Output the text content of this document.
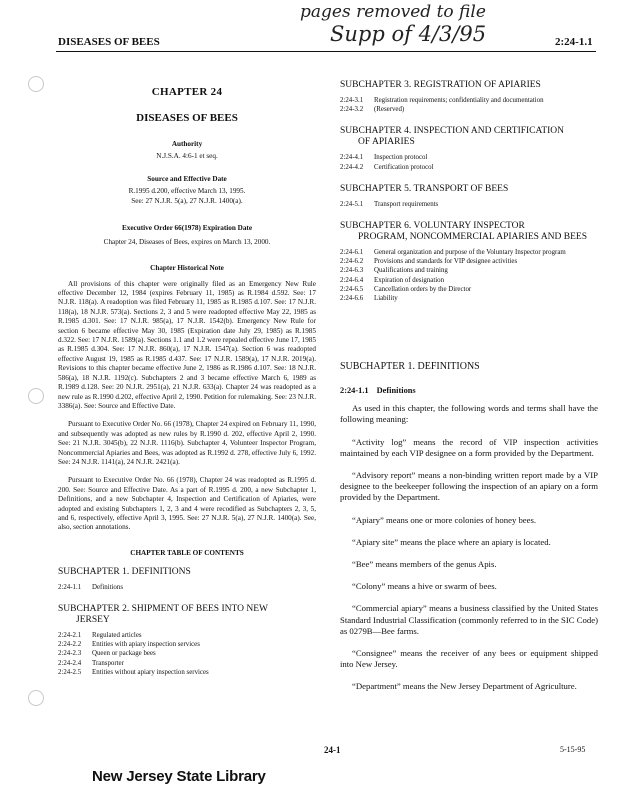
pages removed to file
Supp of 4/3/95
DISEASES OF BEES	2:24-1.1
CHAPTER 24
DISEASES OF BEES
Authority
N.J.S.A. 4:6-1 et seq.
Source and Effective Date
R.1995 d.200, effective March 13, 1995.
See: 27 N.J.R. 5(a), 27 N.J.R. 1400(a).
Executive Order 66(1978) Expiration Date
Chapter 24, Diseases of Bees, expires on March 13, 2000.
Chapter Historical Note

All provisions of this chapter were originally filed as an Emergency New Rule effective December 12, 1984 (expires February 11, 1985) as R.1984 d.592. See: 17 N.J.R. 118(a). A readoption was filed February 11, 1985 as R.1985 d.107. See: 17 N.J.R. 118(a), 18 N.J.R. 573(a). Sections 2, 3 and 5 were readopted effective May 22, 1985 as R.1985 d.301. See: 17 N.J.R. 985(a), 17 N.J.R. 1542(b). Emergency New Rule for section 6 became effective May 30, 1985 (Expiration date July 29, 1985) as R.1985 d.322. See: 17 N.J.R. 1589(a). Sections 1.1 and 1.2 were repealed effective June 17, 1985 as R.1985 d.304. See: 17 N.J.R. 860(a), 17 N.J.R. 1547(a). Section 6 was readopted effective August 19, 1985 as R.1985 d.437. See: 17 N.J.R. 1589(a), 17 N.J.R. 2019(a). Revisions to this chapter became effective June 2, 1986 as R.1986 d.107. See: 18 N.J.R. 586(a), 18 N.J.R. 1192(c). Subchapters 2 and 3 became effective March 6, 1989 as R.1989 d.128. See: 20 N.J.R. 2951(a), 21 N.J.R. 633(a). Chapter 24 was readopted as a new rule as R.1990 d.202, effective April 2, 1990. Petition for rulemaking. See: 23 N.J.R. 3386(a). See: Source and Effective Date.

Pursuant to Executive Order No. 66 (1978), Chapter 24 expired on February 11, 1990, and subsequently was adopted as new rules by R.1990 d. 202, effective April 2, 1990. See: 21 N.J.R. 3045(b), 22 N.J.R. 1116(b). Subchapter 4, Volunteer Inspector Program, Noncommercial Apiaries and Bees, was adopted as R.1992 d. 278, effective July 6, 1992. See: 24 N.J.R. 1141(a), 24 N.J.R. 2421(a).

Pursuant to Executive Order No. 66 (1978), Chapter 24 was readopted as R.1995 d. 200. See: Source and Effective Date. As a part of R.1995 d. 200, a new Subchapter 1, Definitions, and a new Subchapter 4, Inspection and Certification of Apiaries, were adopted and existing Subchapters 1, 2, 3 and 4 were recodified as Subchapters 2, 3, 5, and 6, respectively, effective April 3, 1995. See: 27 N.J.R. 5(a), 27 N.J.R. 1400(a). See, also, section annotations.

CHAPTER TABLE OF CONTENTS
SUBCHAPTER 1. DEFINITIONS
2:24-1.1	Definitions
SUBCHAPTER 2. SHIPMENT OF BEES INTO NEW
JERSEY
2:24-2.1	Regulated articles
2:24-2.2	Entities with apiary inspection services
2:24-2.3	Queen or package bees
2:24-2.4	Transporter
2:24-2.5	Entities without apiary inspection services
SUBCHAPTER 3. REGISTRATION OF APIARIES
2:24-3.1	Registration requirements; confidentiality and documentation
2:24-3.2	(Reserved)
SUBCHAPTER 4. INSPECTION AND CERTIFICATION
OF APIARIES
2:24-4.1	Inspection protocol
2:24-4.2	Certification protocol
SUBCHAPTER 5. TRANSPORT OF BEES
2:24-5.1	Transport requirements
SUBCHAPTER 6. VOLUNTARY INSPECTOR
PROGRAM, NONCOMMERCIAL APIARIES AND BEES
2:24-6.1	General organization and purpose of the Voluntary Inspector program
2:24-6.2	Provisions and standards for VIP designee activities
2:24-6.3	Qualifications and training
2:24-6.4	Expiration of designation
2:24-6.5	Cancellation orders by the Director
2:24-6.6	Liability
SUBCHAPTER 1. DEFINITIONS
2:24-1.1 Definitions

As used in this chapter, the following words and terms shall have the following meaning:

“Activity log” means the record of VIP inspection activities maintained by each VIP designee on a form provided by the Department.

“Advisory report” means a non-binding written report made by a VIP designee to the beekeeper following the inspection of an apiary on a form provided by the Department.

“Apiary” means one or more colonies of honey bees.

“Apiary site” means the place where an apiary is located.

“Bee” means members of the genus Apis.

“Colony” means a hive or swarm of bees.

“Commercial apiary” means a business classified by the United States Standard Industrial Classification (commonly referred to in the SIC Code) as 0279B—Bee farms.

“Consignee” means the receiver of any bees or equipment shipped into New Jersey.

“Department” means the New Jersey Department of Agriculture.

24-1	5-15-95
New Jersey State Library
